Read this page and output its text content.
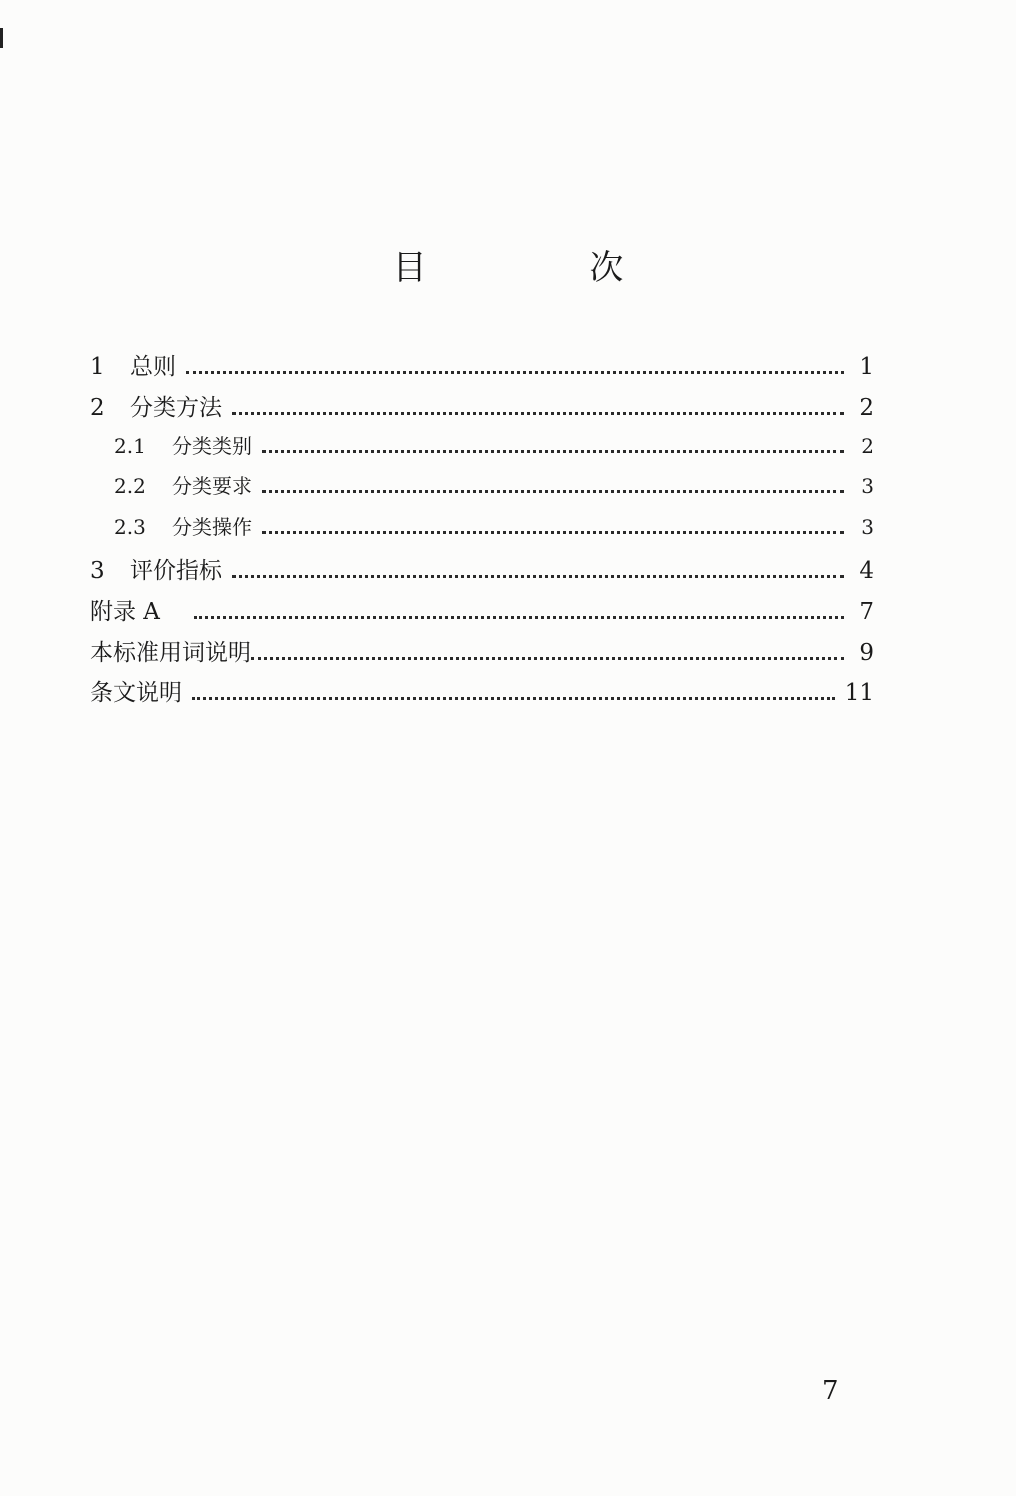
目 次
1	总则	1
2	分类方法	2
2.1	分类类别	2
2.2	分类要求	3
2.3	分类操作	3
3	评价指标	4
附录 A	7
本标准用词说明	9
条文说明	11
7
